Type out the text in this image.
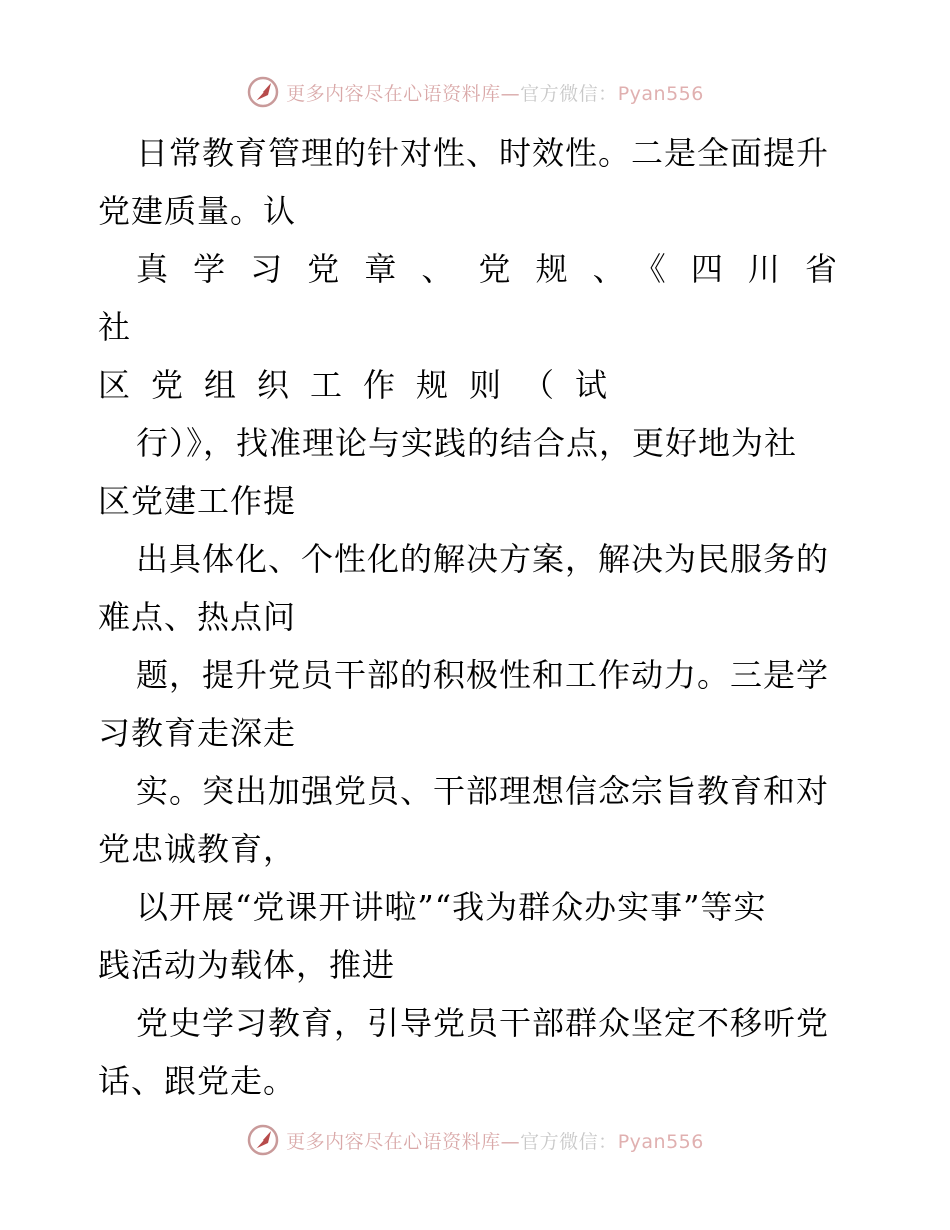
更多内容尽在心语资料库—官方微信：Pyan556

日常教育管理的针对性、时效性。二是全面提升
党建质量。认

真学习党章、党规、《四川省社
区党组织工作规则（试

行）》，找准理论与实践的结合点，更好地为社
区党建工作提

出具体化、个性化的解决方案，解决为民服务的
难点、热点问

题，提升党员干部的积极性和工作动力。三是学
习教育走深走

实。突出加强党员、干部理想信念宗旨教育和对
党忠诚教育，

以开展“党课开讲啦”“我为群众办实事”等实
践活动为载体，推进

党史学习教育，引导党员干部群众坚定不移听党
话、跟党走。

更多内容尽在心语资料库—官方微信：Pyan556
